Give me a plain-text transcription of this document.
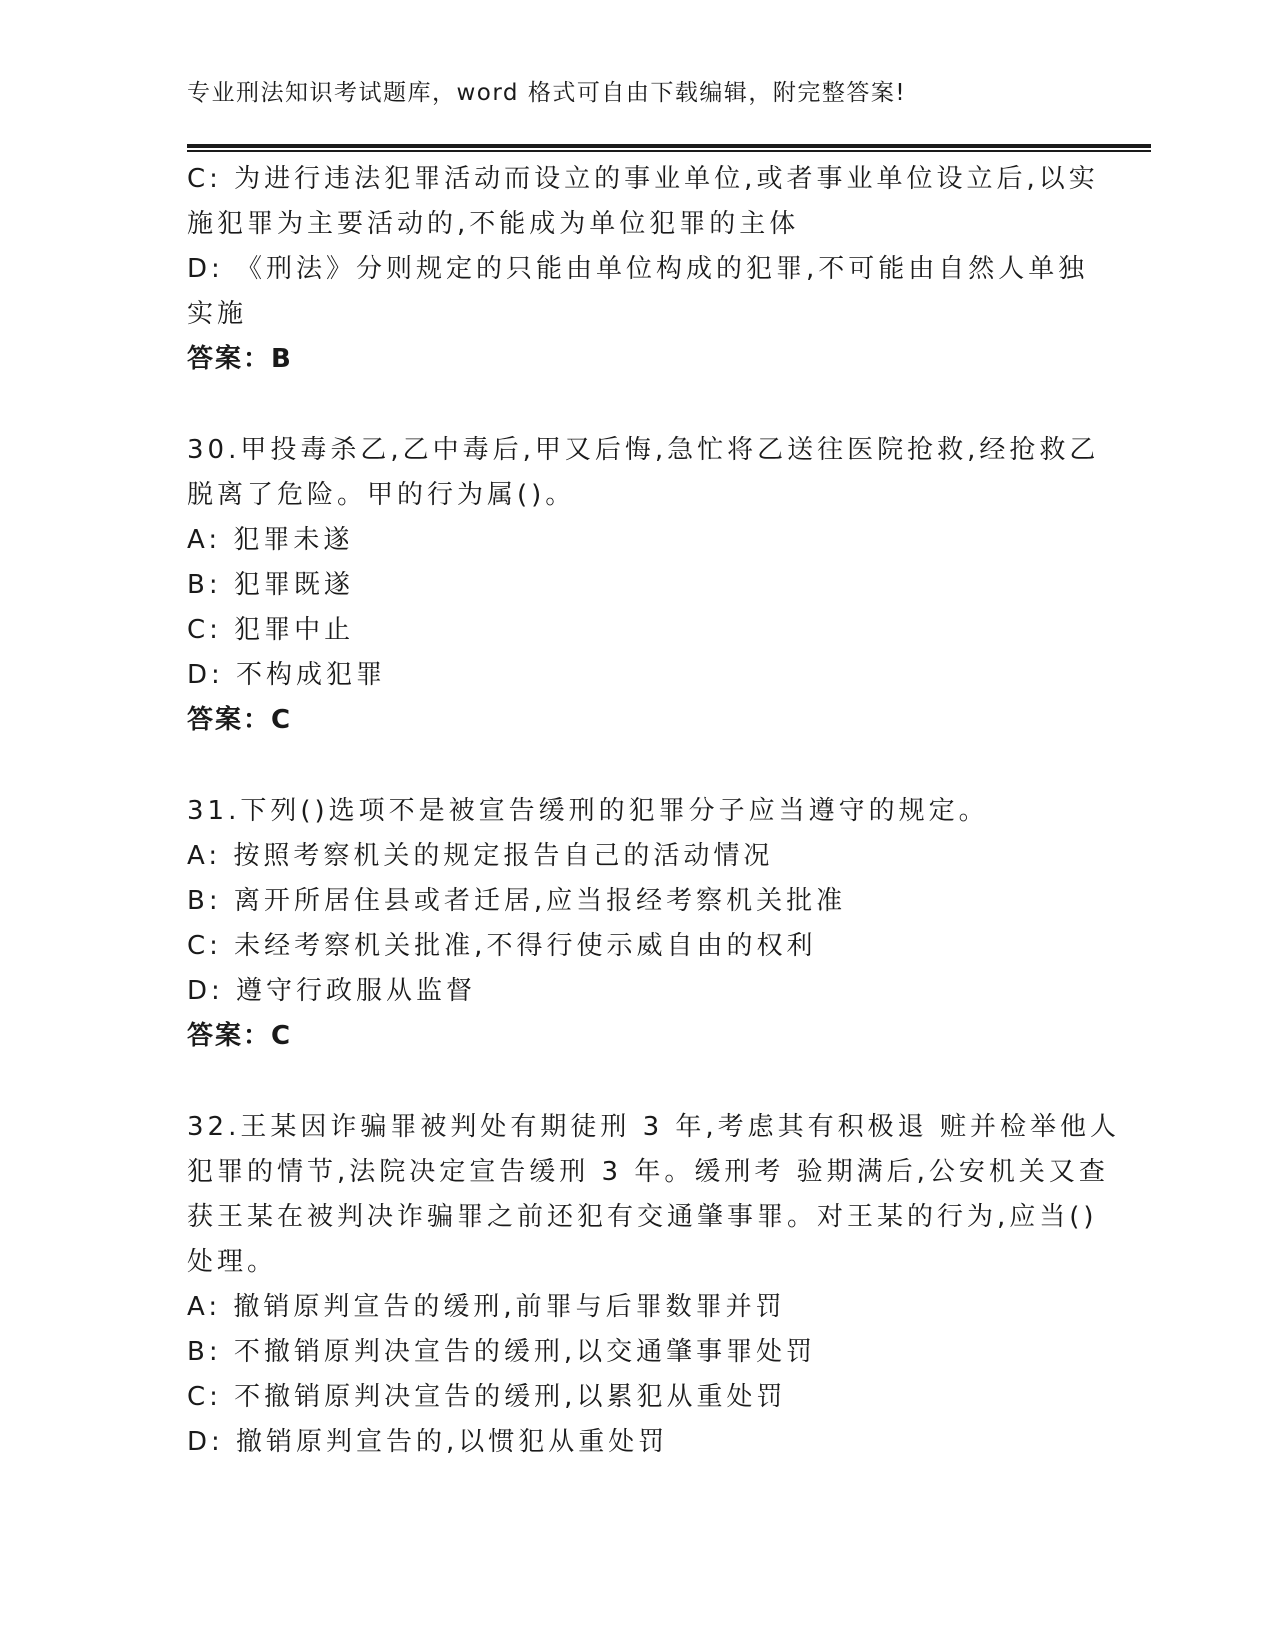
专业刑法知识考试题库，word 格式可自由下载编辑，附完整答案!
C: 为进行违法犯罪活动而设立的事业单位,或者事业单位设立后,以实
施犯罪为主要活动的,不能成为单位犯罪的主体
D: 《刑法》分则规定的只能由单位构成的犯罪,不可能由自然人单独
实施
答案：B
30.甲投毒杀乙,乙中毒后,甲又后悔,急忙将乙送往医院抢救,经抢救乙
脱离了危险。甲的行为属()。
A: 犯罪未遂
B: 犯罪既遂
C: 犯罪中止
D: 不构成犯罪
答案：C
31.下列()选项不是被宣告缓刑的犯罪分子应当遵守的规定。
A: 按照考察机关的规定报告自己的活动情况
B: 离开所居住县或者迁居,应当报经考察机关批准
C: 未经考察机关批准,不得行使示威自由的权利
D: 遵守行政服从监督
答案：C
32.王某因诈骗罪被判处有期徒刑 3 年,考虑其有积极退 赃并检举他人
犯罪的情节,法院决定宣告缓刑 3 年。缓刑考 验期满后,公安机关又查
获王某在被判决诈骗罪之前还犯有交通肇事罪。对王某的行为,应当()
处理。
A: 撤销原判宣告的缓刑,前罪与后罪数罪并罚
B: 不撤销原判决宣告的缓刑,以交通肇事罪处罚
C: 不撤销原判决宣告的缓刑,以累犯从重处罚
D: 撤销原判宣告的,以惯犯从重处罚
